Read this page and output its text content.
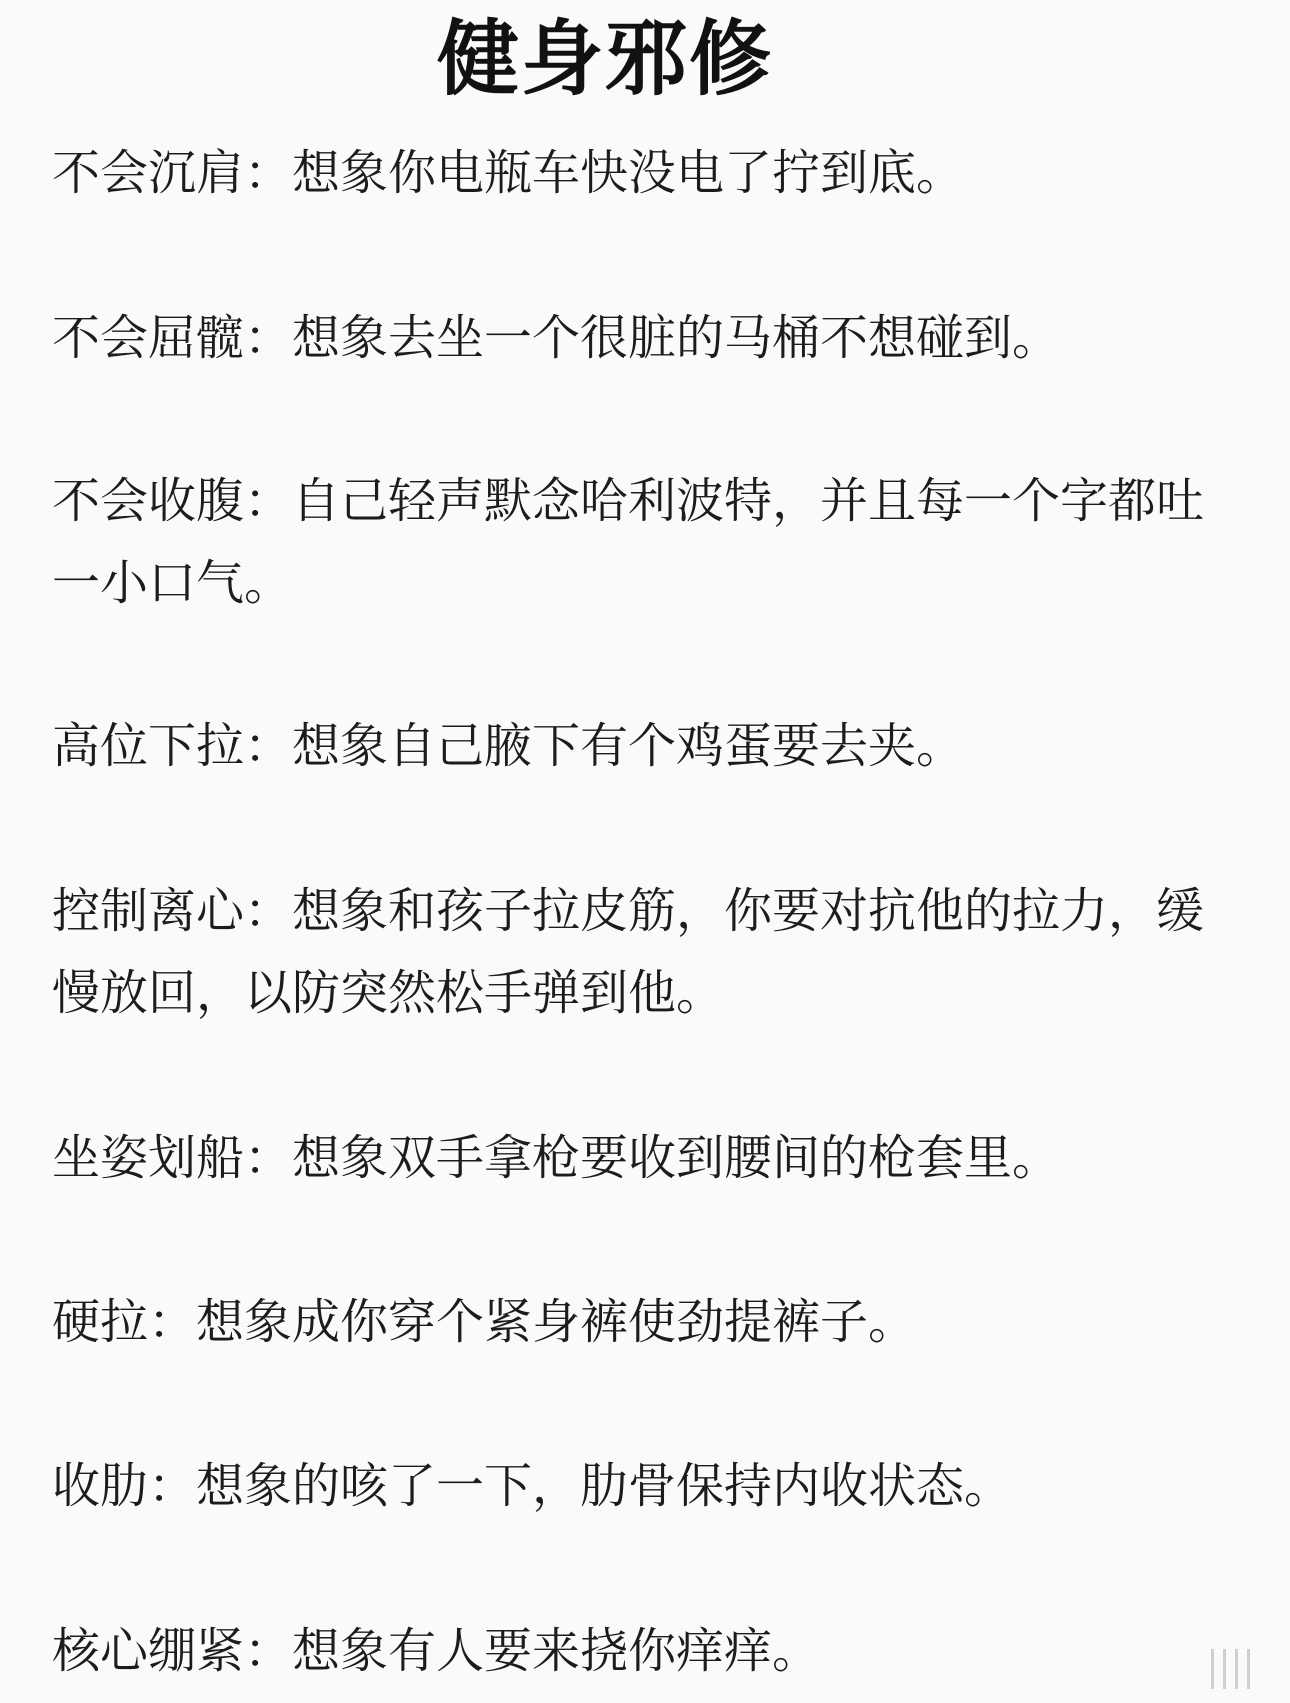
健身邪修
不会沉肩：想象你电瓶车快没电了拧到底。
不会屈髋：想象去坐一个很脏的马桶不想碰到。
不会收腹：自己轻声默念哈利波特，并且每一个字都吐一小口气。
高位下拉：想象自己腋下有个鸡蛋要去夹。
控制离心：想象和孩子拉皮筋，你要对抗他的拉力，缓慢放回，以防突然松手弹到他。
坐姿划船：想象双手拿枪要收到腰间的枪套里。
硬拉：想象成你穿个紧身裤使劲提裤子。
收肋：想象的咳了一下，肋骨保持内收状态。
核心绷紧：想象有人要来挠你痒痒。
